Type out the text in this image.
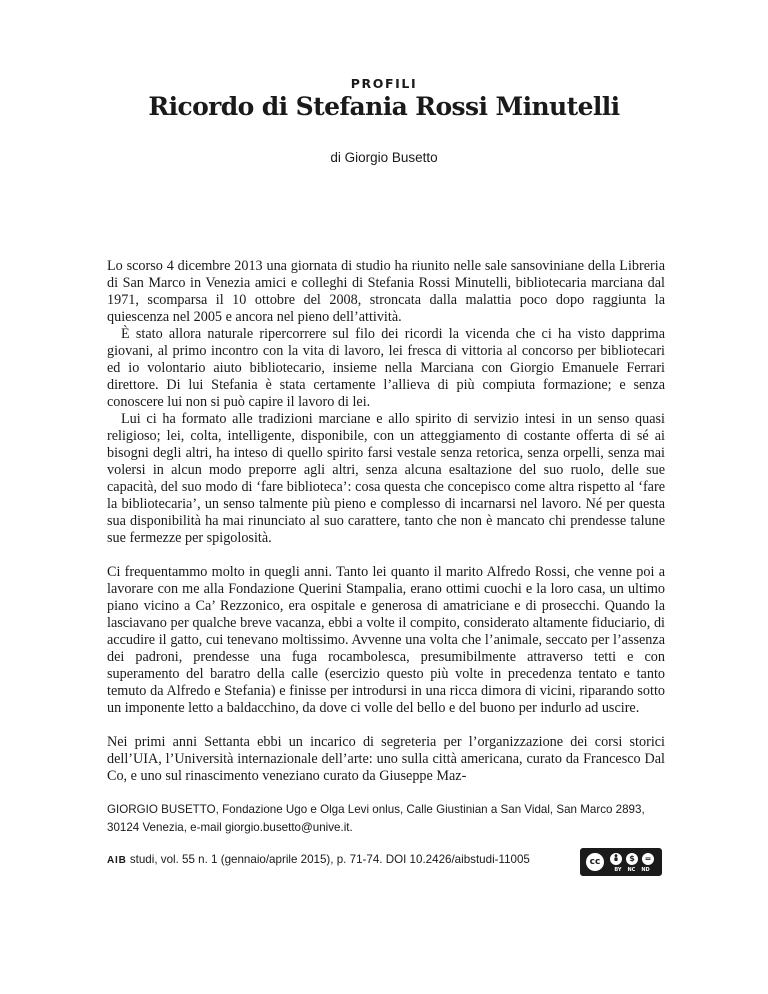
PROFILI
Ricordo di Stefania Rossi Minutelli
di Giorgio Busetto

Lo scorso 4 dicembre 2013 una giornata di studio ha riunito nelle sale sansoviniane della Libreria di San Marco in Venezia amici e colleghi di Stefania Rossi Minutelli, bibliotecaria marciana dal 1971, scomparsa il 10 ottobre del 2008, stroncata dalla malattia poco dopo raggiunta la quiescenza nel 2005 e ancora nel pieno dell’attività.

È stato allora naturale ripercorrere sul filo dei ricordi la vicenda che ci ha visto dapprima giovani, al primo incontro con la vita di lavoro, lei fresca di vittoria al concorso per bibliotecari ed io volontario aiuto bibliotecario, insieme nella Marciana con Giorgio Emanuele Ferrari direttore. Di lui Stefania è stata certamente l’allieva di più compiuta formazione; e senza conoscere lui non si può capire il lavoro di lei.

Lui ci ha formato alle tradizioni marciane e allo spirito di servizio intesi in un senso quasi religioso; lei, colta, intelligente, disponibile, con un atteggiamento di costante offerta di sé ai bisogni degli altri, ha inteso di quello spirito farsi vestale senza retorica, senza orpelli, senza mai volersi in alcun modo preporre agli altri, senza alcuna esaltazione del suo ruolo, delle sue capacità, del suo modo di ‘fare biblioteca’: cosa questa che concepisco come altra rispetto al ‘fare la bibliotecaria’, un senso talmente più pieno e complesso di incarnarsi nel lavoro. Né per questa sua disponibilità ha mai rinunciato al suo carattere, tanto che non è mancato chi prendesse talune sue fermezze per spigolosità.

Ci frequentammo molto in quegli anni. Tanto lei quanto il marito Alfredo Rossi, che venne poi a lavorare con me alla Fondazione Querini Stampalia, erano ottimi cuochi e la loro casa, un ultimo piano vicino a Ca’ Rezzonico, era ospitale e generosa di amatriciane e di prosecchi. Quando la lasciavano per qualche breve vacanza, ebbi a volte il compito, considerato altamente fiduciario, di accudire il gatto, cui tenevano moltissimo. Avvenne una volta che l’animale, seccato per l’assenza dei padroni, prendesse una fuga rocambolesca, presumibilmente attraverso tetti e con superamento del baratro della calle (esercizio questo più volte in precedenza tentato e tanto temuto da Alfredo e Stefania) e finisse per introdursi in una ricca dimora di vicini, riparando sotto un imponente letto a baldacchino, da dove ci volle del bello e del buono per indurlo ad uscire.

Nei primi anni Settanta ebbi un incarico di segreteria per l’organizzazione dei corsi storici dell’UIA, l’Università internazionale dell’arte: uno sulla città americana, curato da Francesco Dal Co, e uno sul rinascimento veneziano curato da Giuseppe Maz-

GIORGIO BUSETTO, Fondazione Ugo e Olga Levi onlus, Calle Giustinian a San Vidal, San Marco 2893, 30124 Venezia, e-mail giorgio.busetto@unive.it.
AIB studi, vol. 55 n. 1 (gennaio/aprile 2015), p. 71-74. DOI 10.2426/aibstudi-11005	cc	$	=
BY NC ND
